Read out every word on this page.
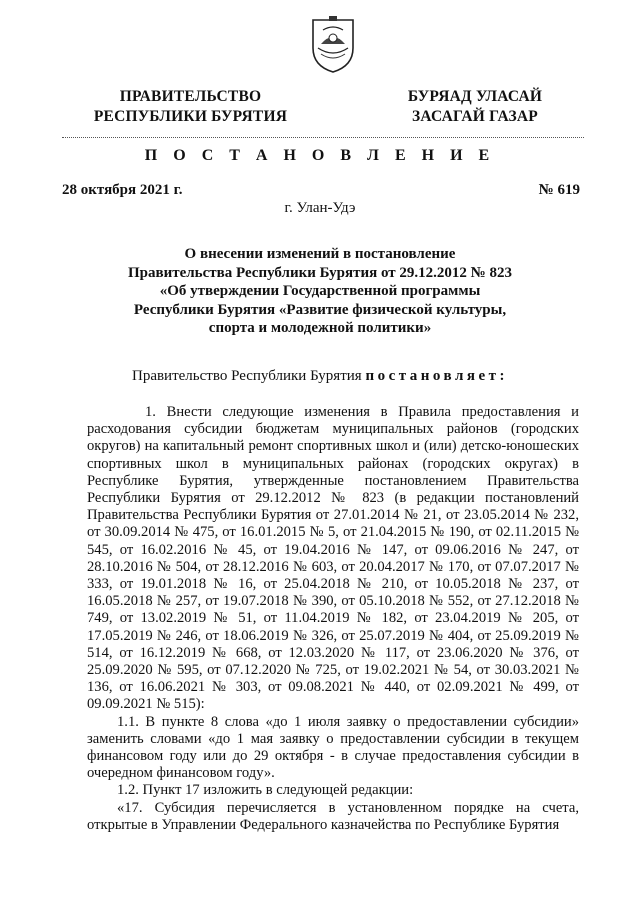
ПРАВИТЕЛЬСТВО
РЕСПУБЛИКИ БУРЯТИЯ
БУРЯАД УЛАСАЙ
ЗАСАГАЙ ГАЗАР
П О С Т А Н О В Л Е Н И Е
28 октября 2021 г.	№ 619
г. Улан-Удэ
О внесении изменений в постановление
Правительства Республики Бурятия от 29.12.2012 № 823
«Об утверждении Государственной программы
Республики Бурятия «Развитие физической культуры,
спорта и молодежной политики»
Правительство Республики Бурятия постановляет:

1. Внести следующие изменения в Правила предоставления и расходования субсидии бюджетам муниципальных районов (городских округов) на капитальный ремонт спортивных школ и (или) детско-юношеских спортивных школ в муниципальных районах (городских округах) в Республике Бурятия, утвержденные постановлением Правительства Республики Бурятия от 29.12.2012 № 823 (в редакции постановлений Правительства Республики Бурятия от 27.01.2014 № 21, от 23.05.2014 № 232, от 30.09.2014 № 475, от 16.01.2015 № 5, от 21.04.2015 № 190, от 02.11.2015 № 545, от 16.02.2016 № 45, от 19.04.2016 № 147, от 09.06.2016 № 247, от 28.10.2016 № 504, от 28.12.2016 № 603, от 20.04.2017 № 170, от 07.07.2017 № 333, от 19.01.2018 № 16, от 25.04.2018 № 210, от 10.05.2018 № 237, от 16.05.2018 № 257, от 19.07.2018 № 390, от 05.10.2018 № 552, от 27.12.2018 № 749, от 13.02.2019 № 51, от 11.04.2019 № 182, от 23.04.2019 № 205, от 17.05.2019 № 246, от 18.06.2019 № 326, от 25.07.2019 № 404, от 25.09.2019 № 514, от 16.12.2019 № 668, от 12.03.2020 № 117, от 23.06.2020 № 376, от 25.09.2020 № 595, от 07.12.2020 № 725, от 19.02.2021 № 54, от 30.03.2021 № 136, от 16.06.2021 № 303, от 09.08.2021 № 440, от 02.09.2021 № 499, от 09.09.2021 № 515):

1.1. В пункте 8 слова «до 1 июля заявку о предоставлении субсидии» заменить словами «до 1 мая заявку о предоставлении субсидии в текущем финансовом году или до 29 октября - в случае предоставления субсидии в очередном финансовом году».

1.2. Пункт 17 изложить в следующей редакции:

«17. Субсидия перечисляется в установленном порядке на счета, открытые в Управлении Федерального казначейства по Республике Бурятия
